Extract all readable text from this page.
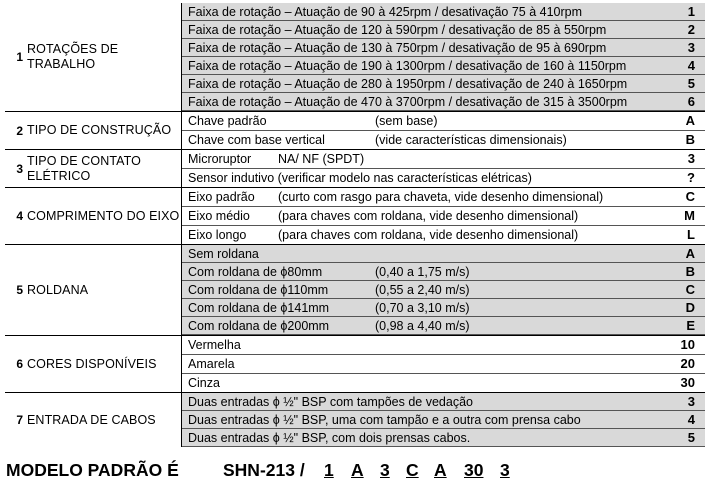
1
ROTAÇÕES DE TRABALHO
Faixa de rotação – Atuação de 90 à 425rpm / desativação 75 à 410rpm	1
Faixa de rotação – Atuação de 120 à 590rpm / desativação de 85 à 550rpm	2
Faixa de rotação – Atuação de 130 à 750rpm / desativação de 95 à 690rpm	3
Faixa de rotação – Atuação de 190 à 1300rpm / desativação de 160 à 1150rpm	4
Faixa de rotação – Atuação de 280 à 1950rpm / desativação de 240 à 1650rpm	5
Faixa de rotação – Atuação de 470 à 3700rpm / desativação de 315 à 3500rpm	6
2 TIPO DE CONSTRUÇÃO
Chave padrão	(sem base)	A
Chave com base vertical	(vide características dimensionais)	B
3
TIPO DE CONTATO ELÉTRICO
Microruptor NA/ NF (SPDT)	3
Sensor indutivo (verificar modelo nas características elétricas)	?
4 COMPRIMENTO DO EIXO
Eixo padrão (curto com rasgo para chaveta, vide desenho dimensional)	C
Eixo médio (para chaves com roldana, vide desenho dimensional)	M
Eixo longo	(para chaves com roldana, vide desenho dimensional)	L
5 ROLDANA
Sem roldana	A
Com roldana de ϕ80mm	(0,40 a 1,75 m/s)	B
Com roldana de ϕ110mm	(0,55 a 2,40 m/s)	C
Com roldana de ϕ141mm	(0,70 a 3,10 m/s)	D
Com roldana de ϕ200mm	(0,98 a 4,40 m/s)	E
6 CORES DISPONÍVEIS
Vermelha	10
Amarela	20
Cinza	30
7 ENTRADA DE CABOS
Duas entradas ϕ ½" BSP com tampões de vedação	3
Duas entradas ϕ ½" BSP, uma com tampão e a outra com prensa cabo	4
Duas entradas ϕ ½" BSP, com dois prensas cabos.	5
MODELO PADRÃO É	SHN-213 / 1 A 3 C A 30 3
